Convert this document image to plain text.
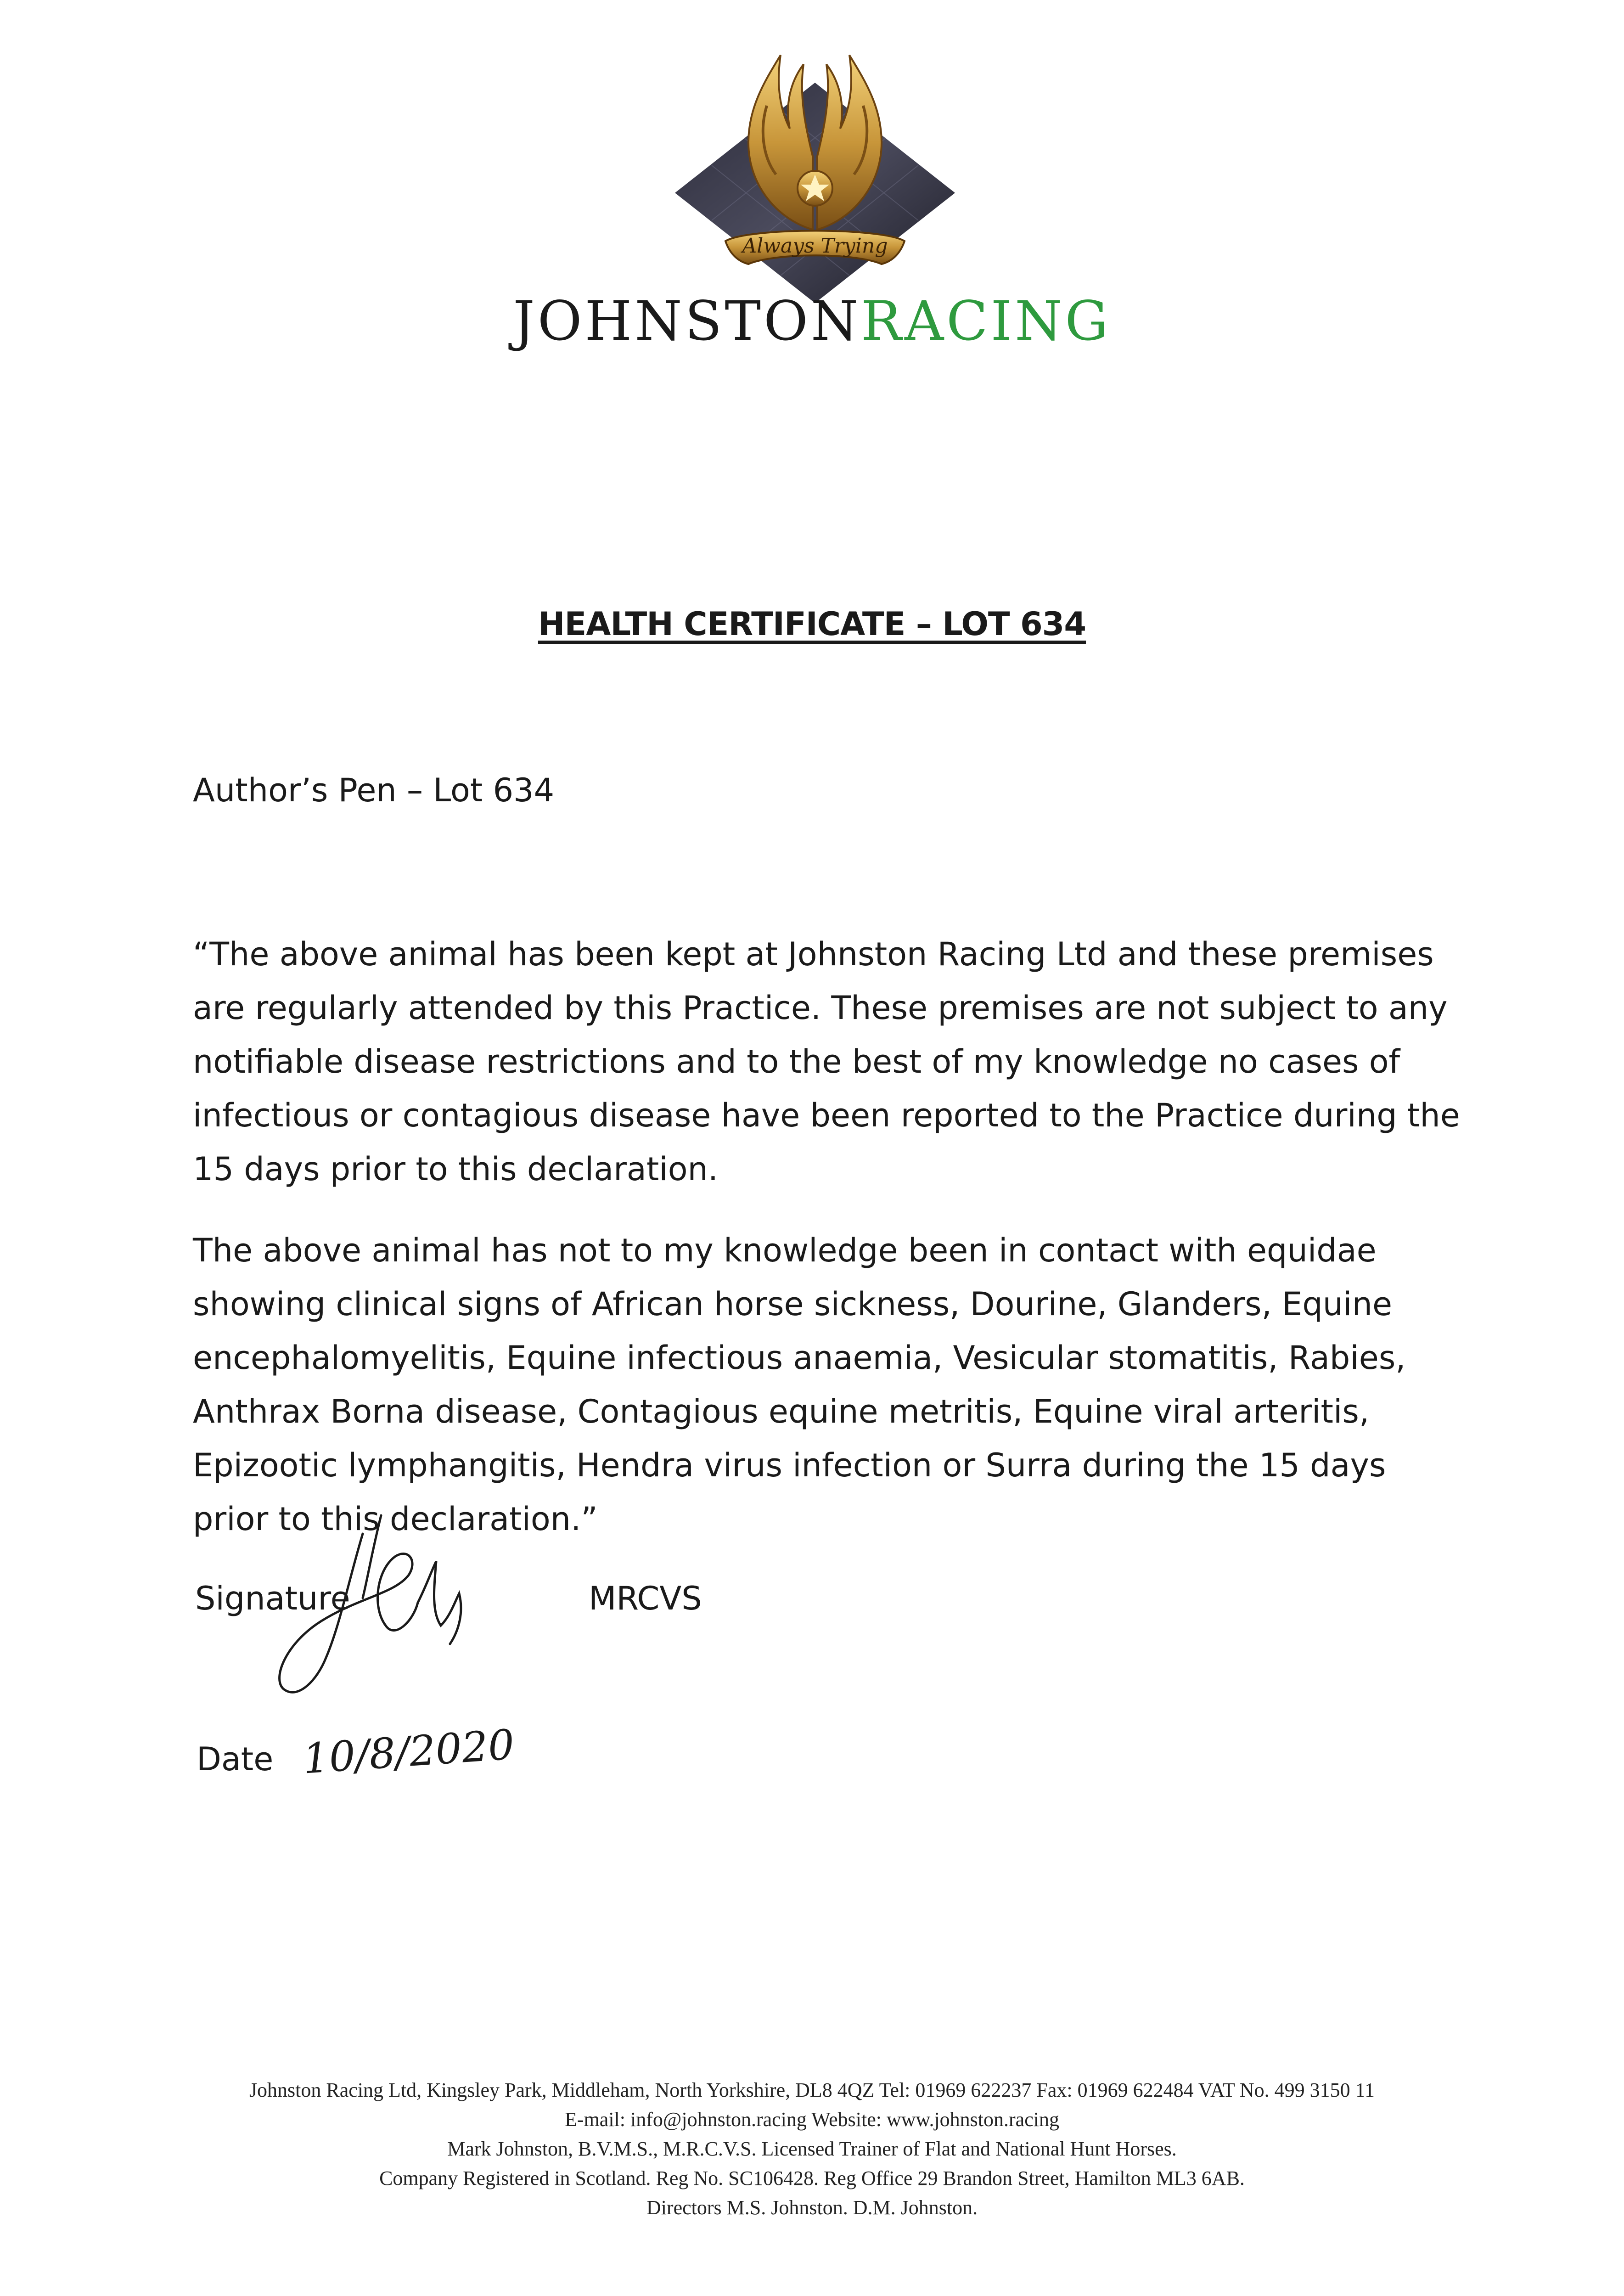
Always Trying
JOHNSTONRACING
HEALTH CERTIFICATE – LOT 634
Author’s Pen – Lot 634

“The above animal has been kept at Johnston Racing Ltd and these premises are regularly attended by this Practice. These premises are not subject to any notifiable disease restrictions and to the best of my knowledge no cases of infectious or contagious disease have been reported to the Practice during the 15 days prior to this declaration.

The above animal has not to my knowledge been in contact with equidae showing clinical signs of African horse sickness, Dourine, Glanders, Equine encephalomyelitis, Equine infectious anaemia, Vesicular stomatitis, Rabies, Anthrax Borna disease, Contagious equine metritis, Equine viral arteritis, Epizootic lymphangitis, Hendra virus infection or Surra during the 15 days prior to this declaration.”

Signature	MRCVS
Date 10/8/2020
Johnston Racing Ltd, Kingsley Park, Middleham, North Yorkshire, DL8 4QZ Tel: 01969 622237 Fax: 01969 622484 VAT No. 499 3150 11
E-mail: info@johnston.racing Website: www.johnston.racing
Mark Johnston, B.V.M.S., M.R.C.V.S. Licensed Trainer of Flat and National Hunt Horses.
Company Registered in Scotland. Reg No. SC106428. Reg Office 29 Brandon Street, Hamilton ML3 6AB.
Directors M.S. Johnston. D.M. Johnston.
